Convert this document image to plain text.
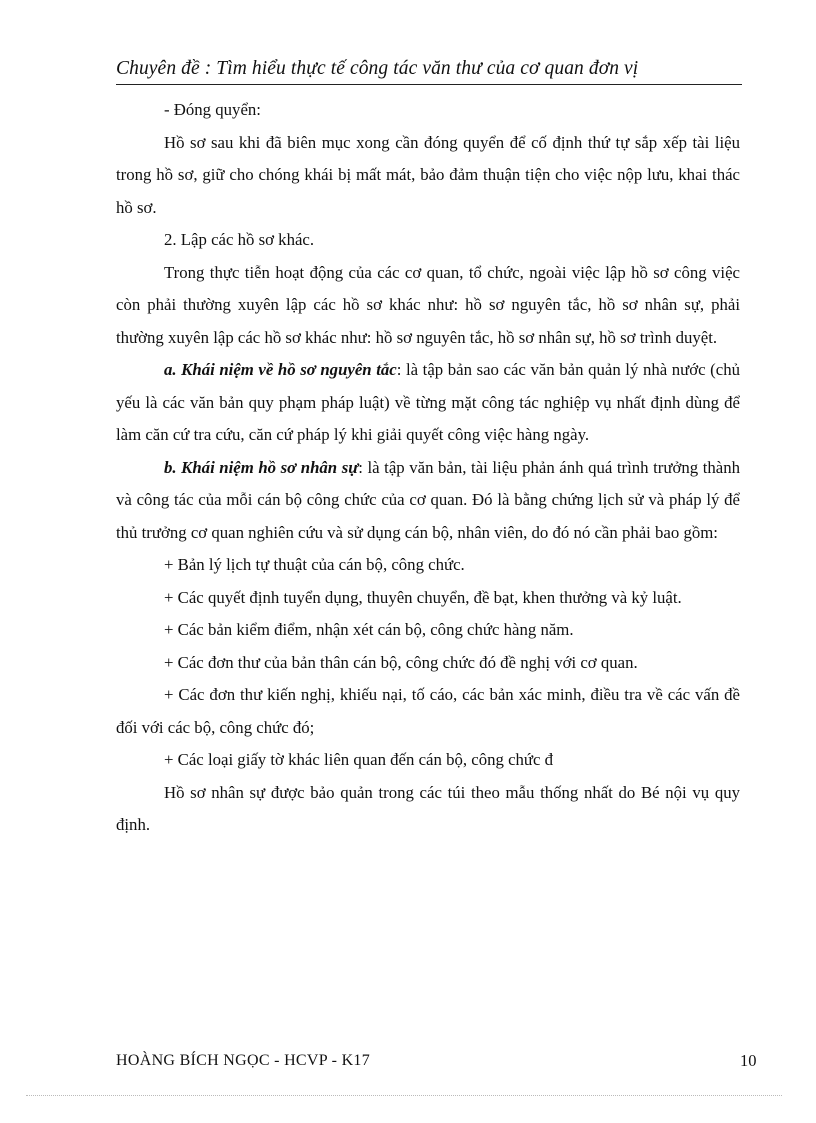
Chuyên đề : Tìm hiểu thực tế công tác văn thư của cơ quan đơn vị

- Đóng quyển:

Hồ sơ sau khi đã biên mục xong cần đóng quyển để cố định thứ tự sắp xếp tài liệu trong hồ sơ, giữ cho chóng khái bị mất mát, bảo đảm thuận tiện cho việc nộp lưu, khai thác hồ sơ.

2. Lập các hồ sơ khác.

Trong thực tiễn hoạt động của các cơ quan, tổ chức, ngoài việc lập hồ sơ công việc còn phải thường xuyên lập các hồ sơ khác như: hồ sơ nguyên tắc, hồ sơ nhân sự, phải thường xuyên lập các hồ sơ khác như: hồ sơ nguyên tắc, hồ sơ nhân sự, hồ sơ trình duyệt.

a. Khái niệm về hồ sơ nguyên tắc: là tập bản sao các văn bản quản lý nhà nước (chủ yếu là các văn bản quy phạm pháp luật) về từng mặt công tác nghiệp vụ nhất định dùng để làm căn cứ tra cứu, căn cứ pháp lý khi giải quyết công việc hàng ngày.

b. Khái niệm hồ sơ nhân sự: là tập văn bản, tài liệu phản ánh quá trình trưởng thành và công tác của mỗi cán bộ công chức của cơ quan. Đó là bằng chứng lịch sử và pháp lý để thủ trưởng cơ quan nghiên cứu và sử dụng cán bộ, nhân viên, do đó nó cần phải bao gồm:

+ Bản lý lịch tự thuật của cán bộ, công chức.

+ Các quyết định tuyển dụng, thuyên chuyển, đề bạt, khen thưởng và kỷ luật.

+ Các bản kiểm điểm, nhận xét cán bộ, công chức hàng năm.

+ Các đơn thư của bản thân cán bộ, công chức đó đề nghị với cơ quan.

+ Các đơn thư kiến nghị, khiếu nại, tố cáo, các bản xác minh, điều tra về các vấn đề đối với các bộ, công chức đó;

+ Các loại giấy tờ khác liên quan đến cán bộ, công chức đ

Hồ sơ nhân sự được bảo quản trong các túi theo mẫu thống nhất do Bé nội vụ quy định.

HOÀNG BÍCH NGỌC - HCVP - K17	10
